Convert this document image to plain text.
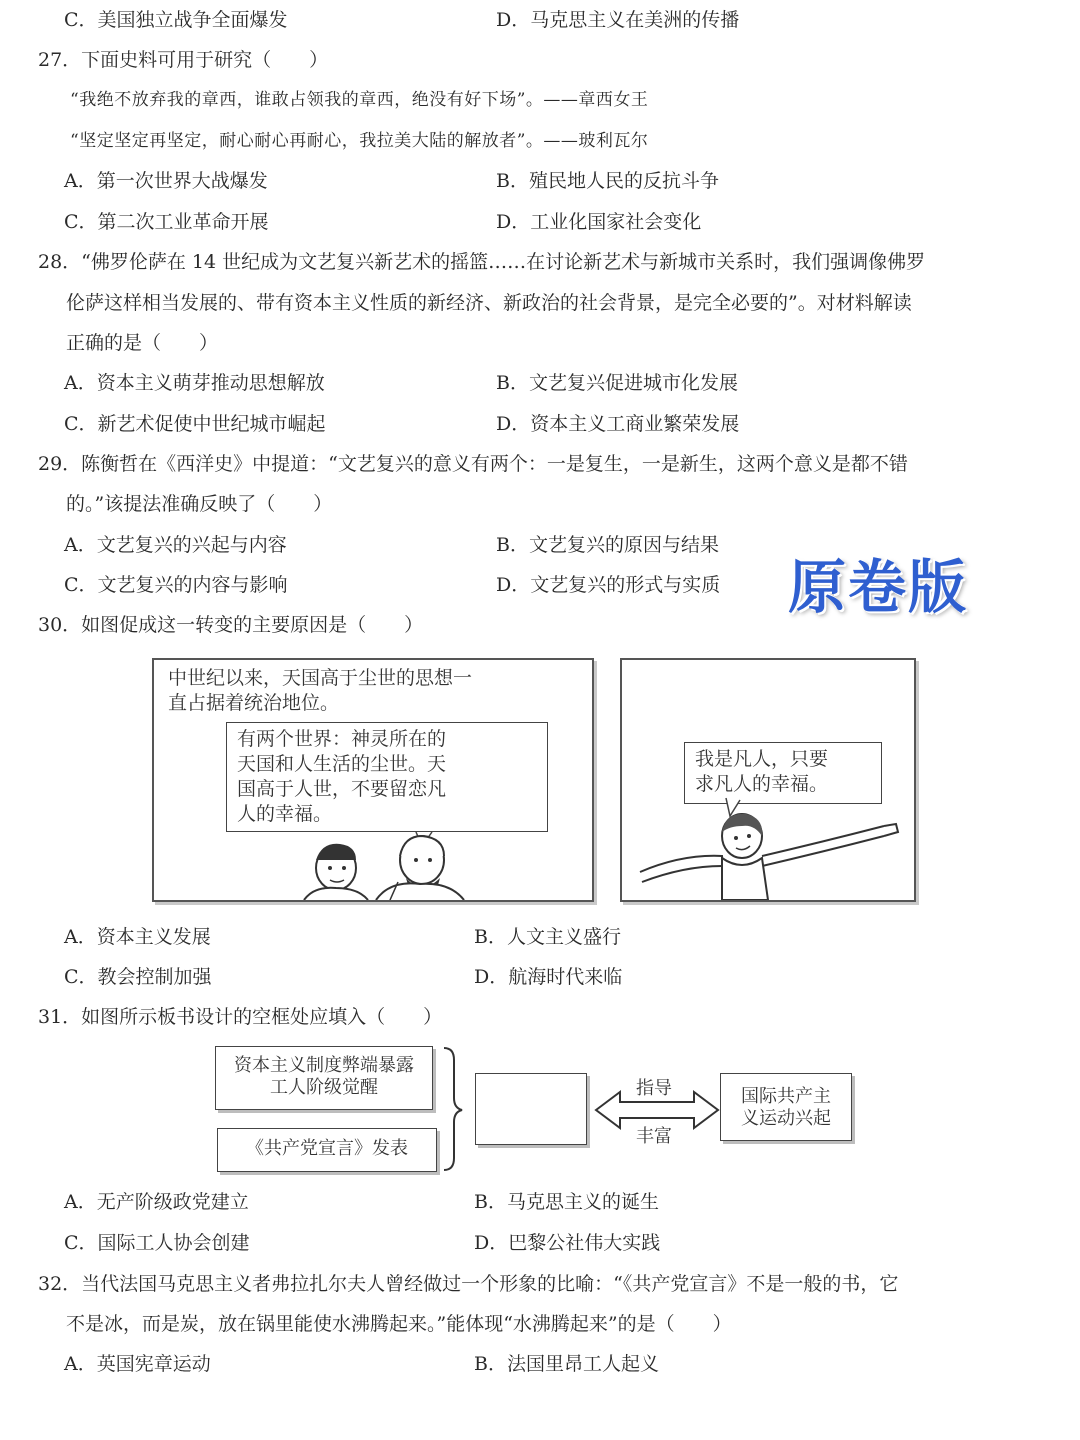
C．美国独立战争全面爆发	D．马克思主义在美洲的传播
27．下面史料可用于研究（　　）
“我绝不放弃我的章西，谁敢占领我的章西，绝没有好下场”。——章西女王
“坚定坚定再坚定，耐心耐心再耐心，我拉美大陆的解放者”。——玻利瓦尔
A．第一次世界大战爆发	B．殖民地人民的反抗斗争
C．第二次工业革命开展	D．工业化国家社会变化
28．“佛罗伦萨在 14 世纪成为文艺复兴新艺术的摇篮……在讨论新艺术与新城市关系时，我们强调像佛罗
伦萨这样相当发展的、带有资本主义性质的新经济、新政治的社会背景，是完全必要的”。对材料解读
正确的是（　　）
A．资本主义萌芽推动思想解放	B．文艺复兴促进城市化发展
C．新艺术促使中世纪城市崛起	D．资本主义工商业繁荣发展
29．陈衡哲在《西洋史》中提道：“文艺复兴的意义有两个：一是复生，一是新生，这两个意义是都不错
的。”该提法准确反映了（　　）
A．文艺复兴的兴起与内容	B．文艺复兴的原因与结果
C．文艺复兴的内容与影响	D．文艺复兴的形式与实质 原卷版
30．如图促成这一转变的主要原因是（　　）
中世纪以来，天国高于尘世的思想一
直占据着统治地位。
有两个世界：神灵所在的
天国和人生活的尘世。天
国高于人世，不要留恋凡
人的幸福。
我是凡人，只要
求凡人的幸福。
A．资本主义发展	B．人文主义盛行
C．教会控制加强	D．航海时代来临
31．如图所示板书设计的空框处应填入（　　）
资本主义制度弊端暴露
工人阶级觉醒
《共产党宣言》发表
指导
丰富
国际共产主
义运动兴起
A．无产阶级政党建立	B．马克思主义的诞生
C．国际工人协会创建	D．巴黎公社伟大实践
32．当代法国马克思主义者弗拉扎尔夫人曾经做过一个形象的比喻：“《共产党宣言》不是一般的书，它
不是冰，而是炭，放在锅里能使水沸腾起来。”能体现“水沸腾起来”的是（　　）
A．英国宪章运动	B．法国里昂工人起义
